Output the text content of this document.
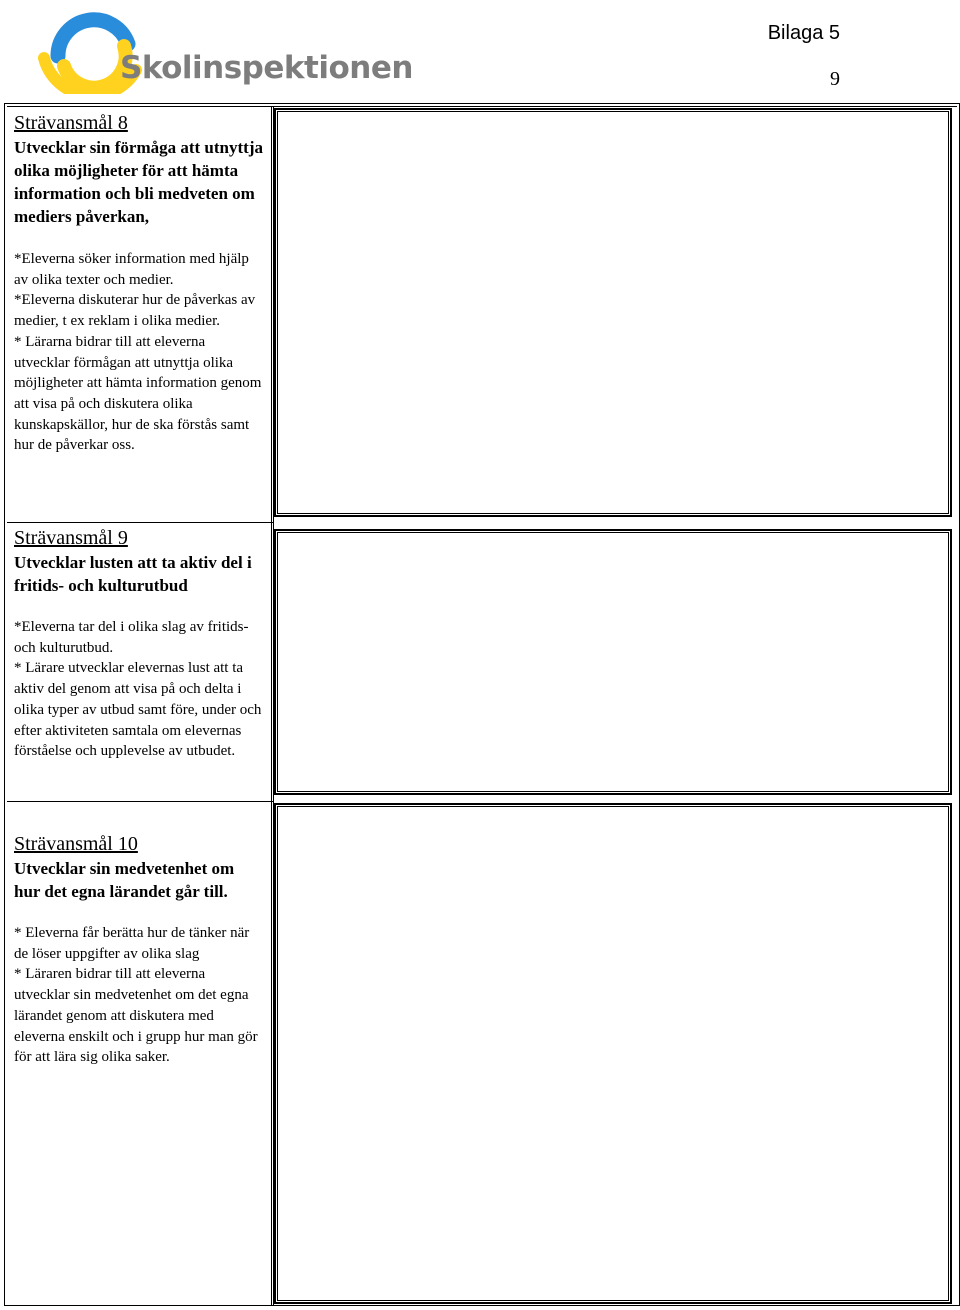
Skolinspektionen
Bilaga 5
9
Strävansmål 8
Utvecklar sin förmåga att utnyttja olika möjligheter för att hämta information och bli medveten om mediers påverkan,
*Eleverna söker information med hjälp av olika texter och medier.
*Eleverna diskuterar hur de påverkas av medier, t ex reklam i olika medier.
* Lärarna bidrar till att eleverna utvecklar förmågan att utnyttja olika möjligheter att hämta information genom att visa på och diskutera olika kunskapskällor, hur de ska förstås samt hur de påverkar oss.
Strävansmål 9
Utvecklar lusten att ta aktiv del i fritids- och kulturutbud
*Eleverna tar del i olika slag av fritids- och kulturutbud.
* Lärare utvecklar elevernas lust att ta aktiv del genom att visa på och delta i olika typer av utbud samt före, under och efter aktiviteten samtala om elevernas förståelse och upplevelse av utbudet.
Strävansmål 10
Utvecklar sin medvetenhet om hur det egna lärandet går till.
* Eleverna får berätta hur de tänker när de löser uppgifter av olika slag
* Läraren bidrar till att eleverna utvecklar sin medvetenhet om det egna lärandet genom att diskutera med eleverna enskilt och i grupp hur man gör för att lära sig olika saker.
